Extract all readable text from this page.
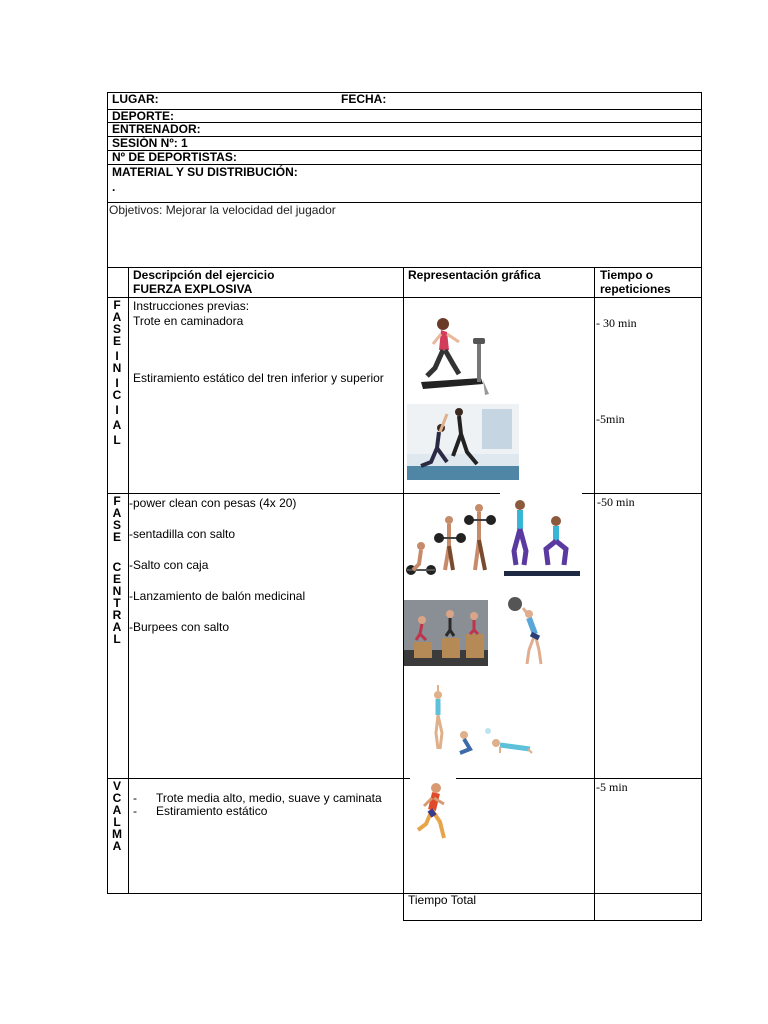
LUGAR:	FECHA:
DEPORTE:
ENTRENADOR:
SESIÓN Nº: 1
Nº DE DEPORTISTAS:
MATERIAL Y SU DISTRIBUCIÓN:
.
Objetivos: Mejorar la velocidad del jugador
Descripción del ejercicio
FUERZA EXPLOSIVA
Representación gráfica	Tiempo o
repeticiones
F
A
S
E
I
N
I
C
I
A
L
Instrucciones previas:
Trote en caminadora
Estiramiento estático del tren inferior y superior
- 30 min
-5min
F
A
S
E
C
E
N
T
R
A
L
-power clean con pesas (4x 20)
-sentadilla con salto
-Salto con caja
-Lanzamiento de balón medicinal
-Burpees con salto
-50 min
V
C
A
L
M
A
- Trote media alto, medio, suave y caminata
- Estiramiento estático
-5 min
Tiempo Total
